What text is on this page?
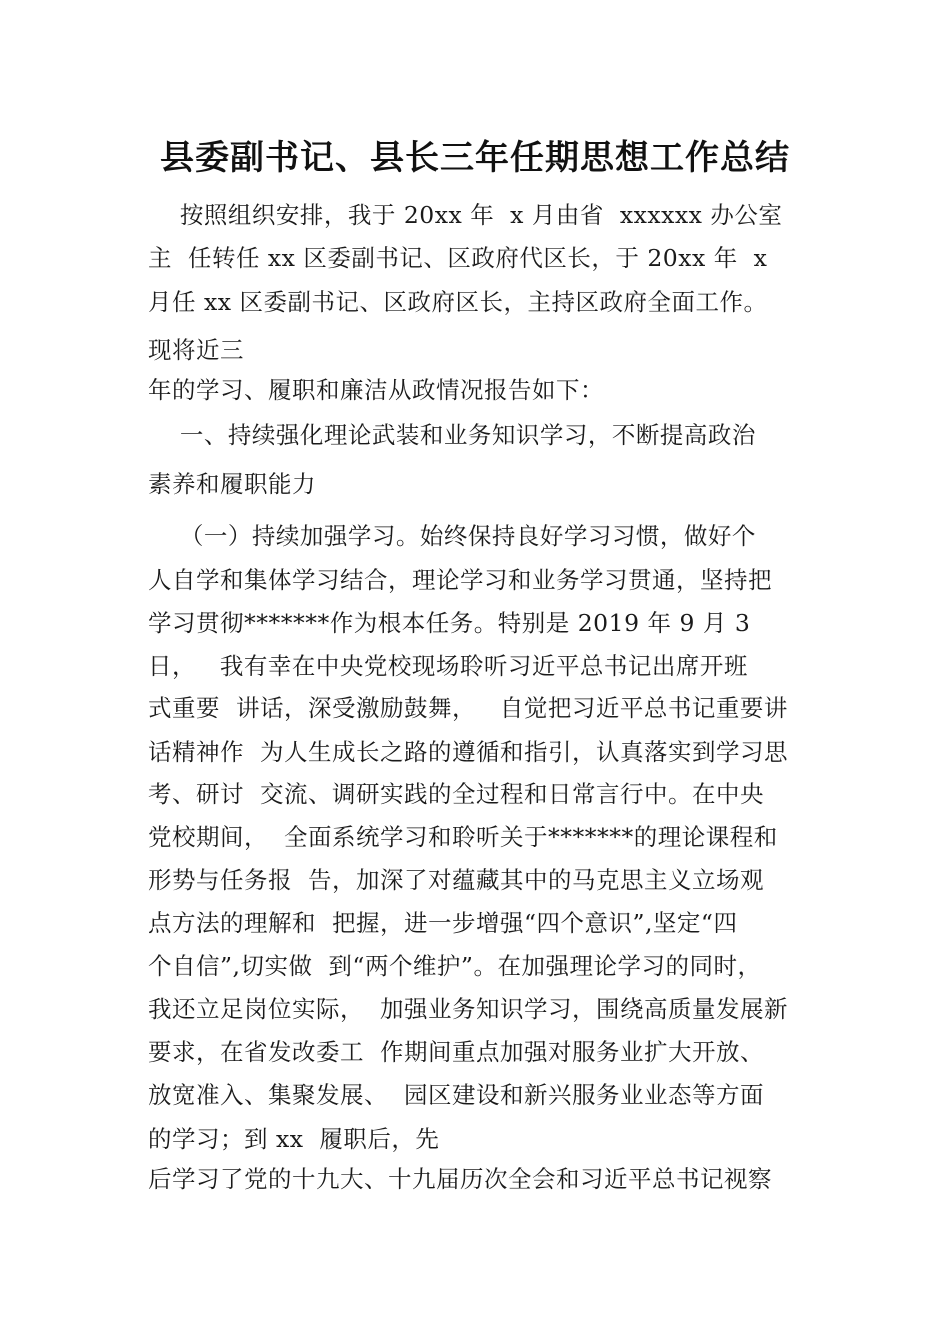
县委副书记、县长三年任期思想工作总结
按照组织安排，我于 20xx 年  x 月由省  xxxxxx 办公室
主  任转任 xx 区委副书记、区政府代区长，于 20xx 年  x
月任 xx 区委副书记、区政府区长，主持区政府全面工作。
现将近三
年的学习、履职和廉洁从政情况报告如下：
一、持续强化理论武装和业务知识学习，不断提高政治
素养和履职能力
（一）持续加强学习。始终保持良好学习习惯，做好个
人自学和集体学习结合，理论学习和业务学习贯通，坚持把
学习贯彻*******作为根本任务。特别是 2019 年 9 月 3
日，   我有幸在中央党校现场聆听习近平总书记出席开班
式重要  讲话，深受激励鼓舞，   自觉把习近平总书记重要讲
话精神作  为人生成长之路的遵循和指引，认真落实到学习思
考、研讨  交流、调研实践的全过程和日常言行中。在中央
党校期间，  全面系统学习和聆听关于*******的理论课程和
形势与任务报  告，加深了对蕴藏其中的马克思主义立场观
点方法的理解和  把握，进一步增强“四个意识”,坚定“四
个自信”,切实做  到“两个维护”。在加强理论学习的同时，
我还立足岗位实际，  加强业务知识学习，围绕高质量发展新
要求，在省发改委工  作期间重点加强对服务业扩大开放、
放宽准入、集聚发展、  园区建设和新兴服务业业态等方面
的学习；到 xx  履职后，先
后学习了党的十九大、十九届历次全会和习近平总书记视察
